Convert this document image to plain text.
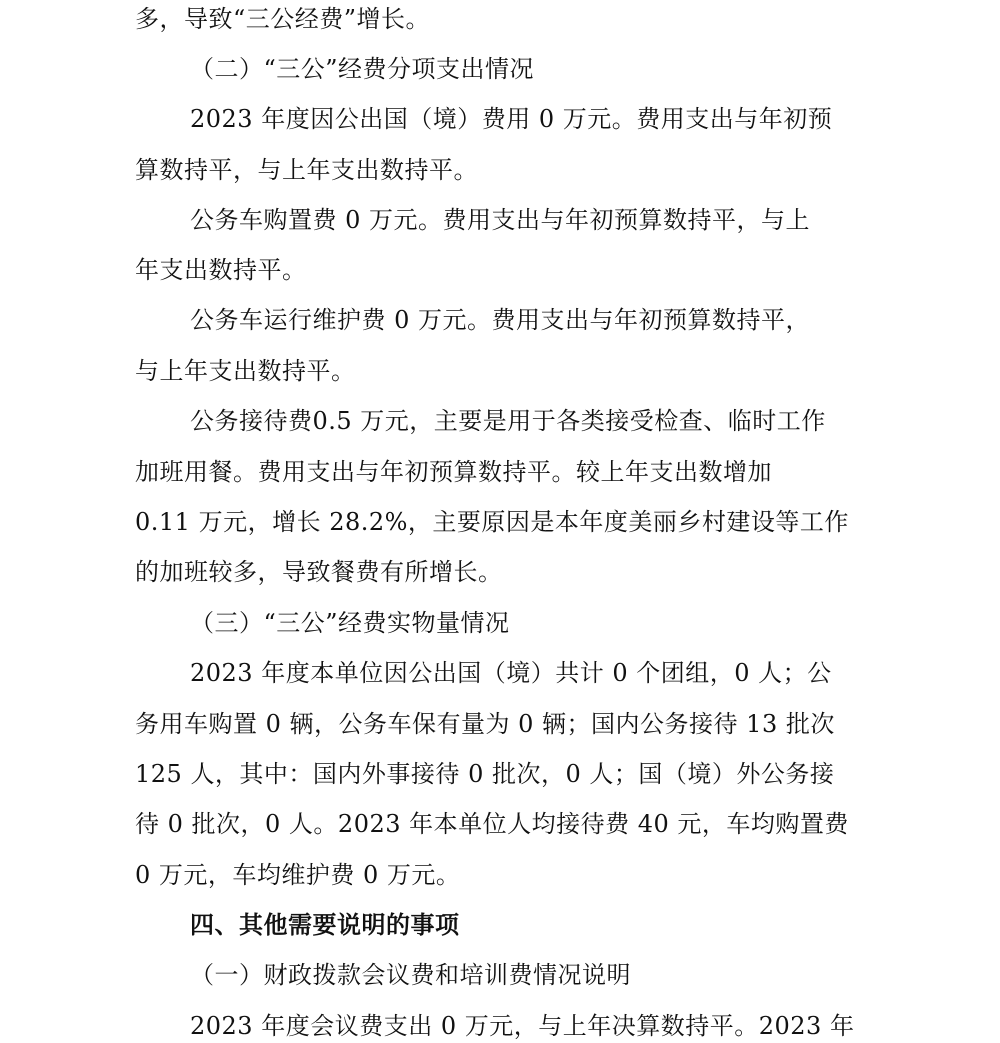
多，导致“三公经费”增长。
（二）“三公”经费分项支出情况
2023 年度因公出国（境）费用 0 万元。费用支出与年初预
算数持平，与上年支出数持平。
公务车购置费 0 万元。费用支出与年初预算数持平，与上
年支出数持平。
公务车运行维护费 0 万元。费用支出与年初预算数持平，
与上年支出数持平。
公务接待费0.5 万元，主要是用于各类接受检查、临时工作
加班用餐。费用支出与年初预算数持平。较上年支出数增加
0.11 万元，增长 28.2%，主要原因是本年度美丽乡村建设等工作
的加班较多，导致餐费有所增长。
（三）“三公”经费实物量情况
2023 年度本单位因公出国（境）共计 0 个团组，0 人；公
务用车购置 0 辆，公务车保有量为 0 辆；国内公务接待 13 批次
125 人，其中：国内外事接待 0 批次，0 人；国（境）外公务接
待 0 批次，0 人。2023 年本单位人均接待费 40 元，车均购置费
0 万元，车均维护费 0 万元。
四、其他需要说明的事项
（一）财政拨款会议费和培训费情况说明
2023 年度会议费支出 0 万元，与上年决算数持平。2023 年
